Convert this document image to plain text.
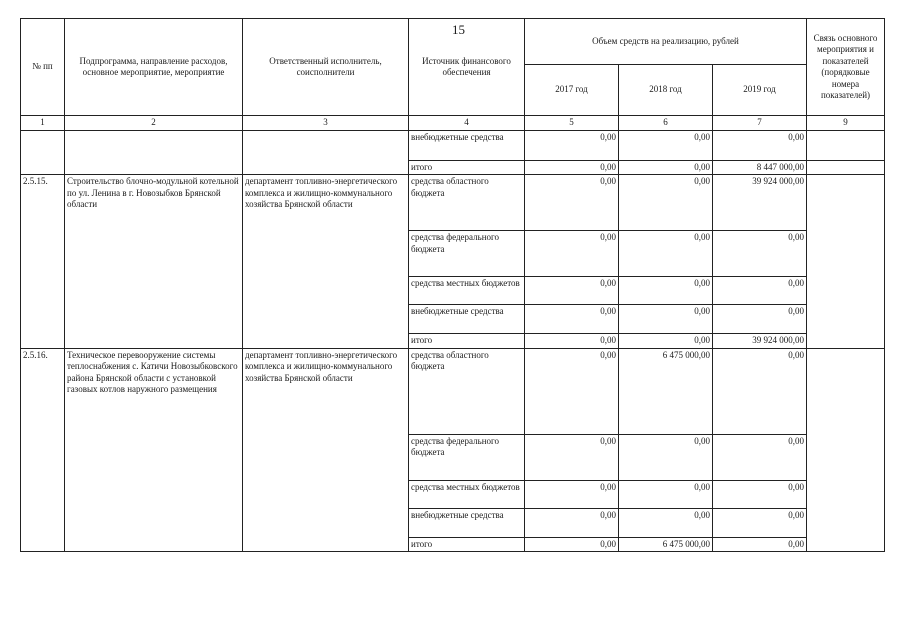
15
№ пп	Подпрограмма, направление расходов, основное мероприятие, мероприятие	Ответственный исполнитель, соисполнители	Источник финансового обеспечения	Объем средств на реализацию, рублей			Связь основного мероприятия и показателей (порядковые номера показателей)
				2017 год	2018 год	2019 год	
1	2	3	4	5	6	7	9
			внебюджетные средства	0,00	0,00	0,00	
			итого	0,00	0,00	8 447 000,00	
2.5.15.	Строительство блочно-модульной котельной по ул. Ленина в г. Новозыбков Брянской области	департамент топливно-энергетического комплекса и жилищно-коммунального хозяйства Брянской области	средства областного бюджета	0,00	0,00	39 924 000,00	
			средства федерального бюджета	0,00	0,00	0,00	
			средства местных бюджетов	0,00	0,00	0,00	
			внебюджетные средства	0,00	0,00	0,00	
			итого	0,00	0,00	39 924 000,00	
2.5.16.	Техническое перевооружение системы теплоснабжения с. Катичи Новозыбковского района Брянской области с установкой газовых котлов наружного размещения	департамент топливно-энергетического комплекса и жилищно-коммунального хозяйства Брянской области	средства областного бюджета	0,00	6 475 000,00	0,00	
			средства федерального бюджета	0,00	0,00	0,00	
			средства местных бюджетов	0,00	0,00	0,00	
			внебюджетные средства	0,00	0,00	0,00	
			итого	0,00	6 475 000,00	0,00	
